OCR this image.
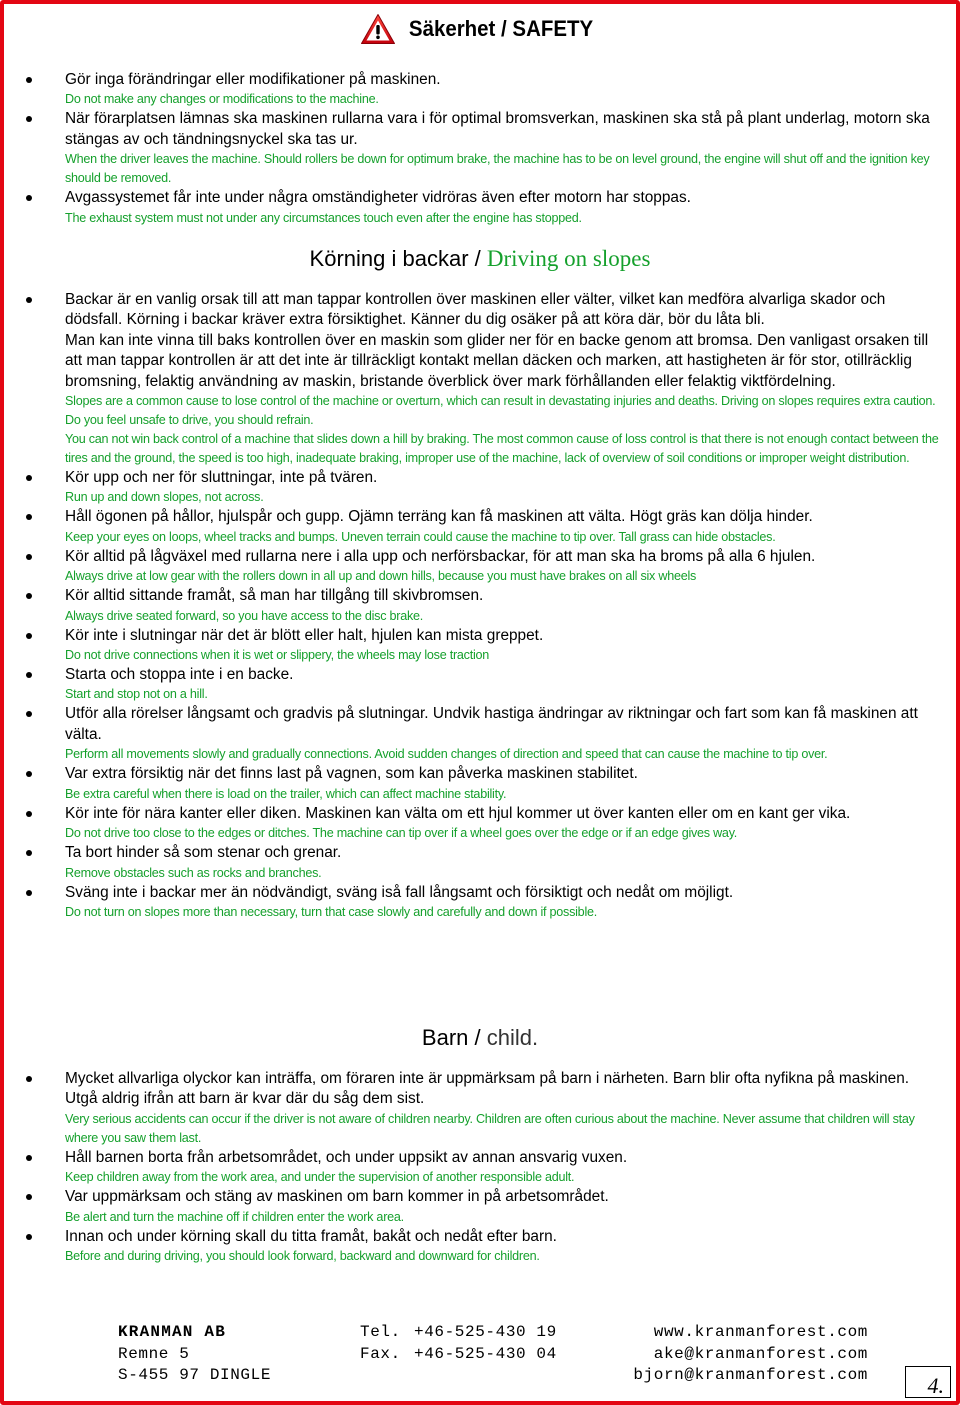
Säkerhet / SAFETY

Gör inga förändringar eller modifikationer på maskinen.

Do not make any changes or modifications to the machine.

När förarplatsen lämnas ska maskinen rullarna vara i för optimal bromsverkan, maskinen ska stå på plant underlag, motorn ska stängas av och tändningsnyckel ska tas ur.

When the driver leaves the machine. Should rollers be down for optimum brake, the machine has to be on level ground, the engine will shut off and the ignition key should be removed.

Avgassystemet får inte under några omständigheter vidröras även efter motorn har stoppas.

The exhaust system must not under any circumstances touch even after the engine has stopped.

Körning i backar / Driving on slopes

Backar är en vanlig orsak till att man tappar kontrollen över maskinen eller välter, vilket kan medföra alvarliga skador och dödsfall. Körning i backar kräver extra försiktighet. Känner du dig osäker på att köra där, bör du låta bli.

Man kan inte vinna till baks kontrollen över en maskin som glider ner för en backe genom att bromsa. Den vanligast orsaken till att man tappar kontrollen är att det inte är tillräckligt kontakt mellan däcken och marken, att hastigheten är för stor, otillräcklig bromsning, felaktig användning av maskin, bristande överblick över mark förhållanden eller felaktig viktfördelning.

Slopes are a common cause to lose control of the machine or overturn, which can result in devastating injuries and deaths. Driving on slopes requires extra caution. Do you feel unsafe to drive, you should refrain.

You can not win back control of a machine that slides down a hill by braking. The most common cause of loss control is that there is not enough contact between the tires and the ground, the speed is too high, inadequate braking, improper use of the machine, lack of overview of soil conditions or improper weight distribution.

Kör upp och ner för sluttningar, inte på tvären.

Run up and down slopes, not across.

Håll ögonen på hållor, hjulspår och gupp. Ojämn terräng kan få maskinen att välta. Högt gräs kan dölja hinder.

Keep your eyes on loops, wheel tracks and bumps. Uneven terrain could cause the machine to tip over. Tall grass can hide obstacles.

Kör alltid på lågväxel med rullarna nere i alla upp och nerförsbackar, för att man ska ha broms på alla 6 hjulen.

Always drive at low gear with the rollers down in all up and down hills, because you must have brakes on all six wheels

Kör alltid sittande framåt, så man har tillgång till skivbromsen.

Always drive seated forward, so you have access to the disc brake.

Kör inte i slutningar när det är blött eller halt, hjulen kan mista greppet.

Do not drive connections when it is wet or slippery, the wheels may lose traction

Starta och stoppa inte i en backe.

Start and stop not on a hill.

Utför alla rörelser långsamt och gradvis på slutningar. Undvik hastiga ändringar av riktningar och fart som kan få maskinen att välta.

Perform all movements slowly and gradually connections. Avoid sudden changes of direction and speed that can cause the machine to tip over.

Var extra försiktig när det finns last på vagnen, som kan påverka maskinen stabilitet.

Be extra careful when there is load on the trailer, which can affect machine stability.

Kör inte för nära kanter eller diken. Maskinen kan välta om ett hjul kommer ut över kanten eller om en kant ger vika.

Do not drive too close to the edges or ditches. The machine can tip over if a wheel goes over the edge or if an edge gives way.

Ta bort hinder så som stenar och grenar.

Remove obstacles such as rocks and branches.

Sväng inte i backar mer än nödvändigt, sväng iså fall långsamt och försiktigt och nedåt om möjligt.

Do not turn on slopes more than necessary, turn that case slowly and carefully and down if possible.

Barn / child.

Mycket allvarliga olyckor kan inträffa, om föraren inte är uppmärksam på barn i närheten. Barn blir ofta nyfikna på maskinen. Utgå aldrig ifrån att barn är kvar där du såg dem sist.

Very serious accidents can occur if the driver is not aware of children nearby. Children are often curious about the machine. Never assume that children will stay where you saw them last.

Håll barnen borta från arbetsområdet, och under uppsikt av annan ansvarig vuxen.

Keep children away from the work area, and under the supervision of another responsible adult.

Var uppmärksam och stäng av maskinen om barn kommer in på arbetsområdet.

Be alert and turn the machine off if children enter the work area.

Innan och under körning skall du titta framåt, bakåt och nedåt efter barn.

Before and during driving, you should look forward, backward and downward for children.

KRANMAN AB
Remne 5
S-455 97 DINGLE
Tel.
Fax.
+46-525-430 19
+46-525-430 04
www.kranmanforest.com
ake@kranmanforest.com
bjorn@kranmanforest.com	4.
